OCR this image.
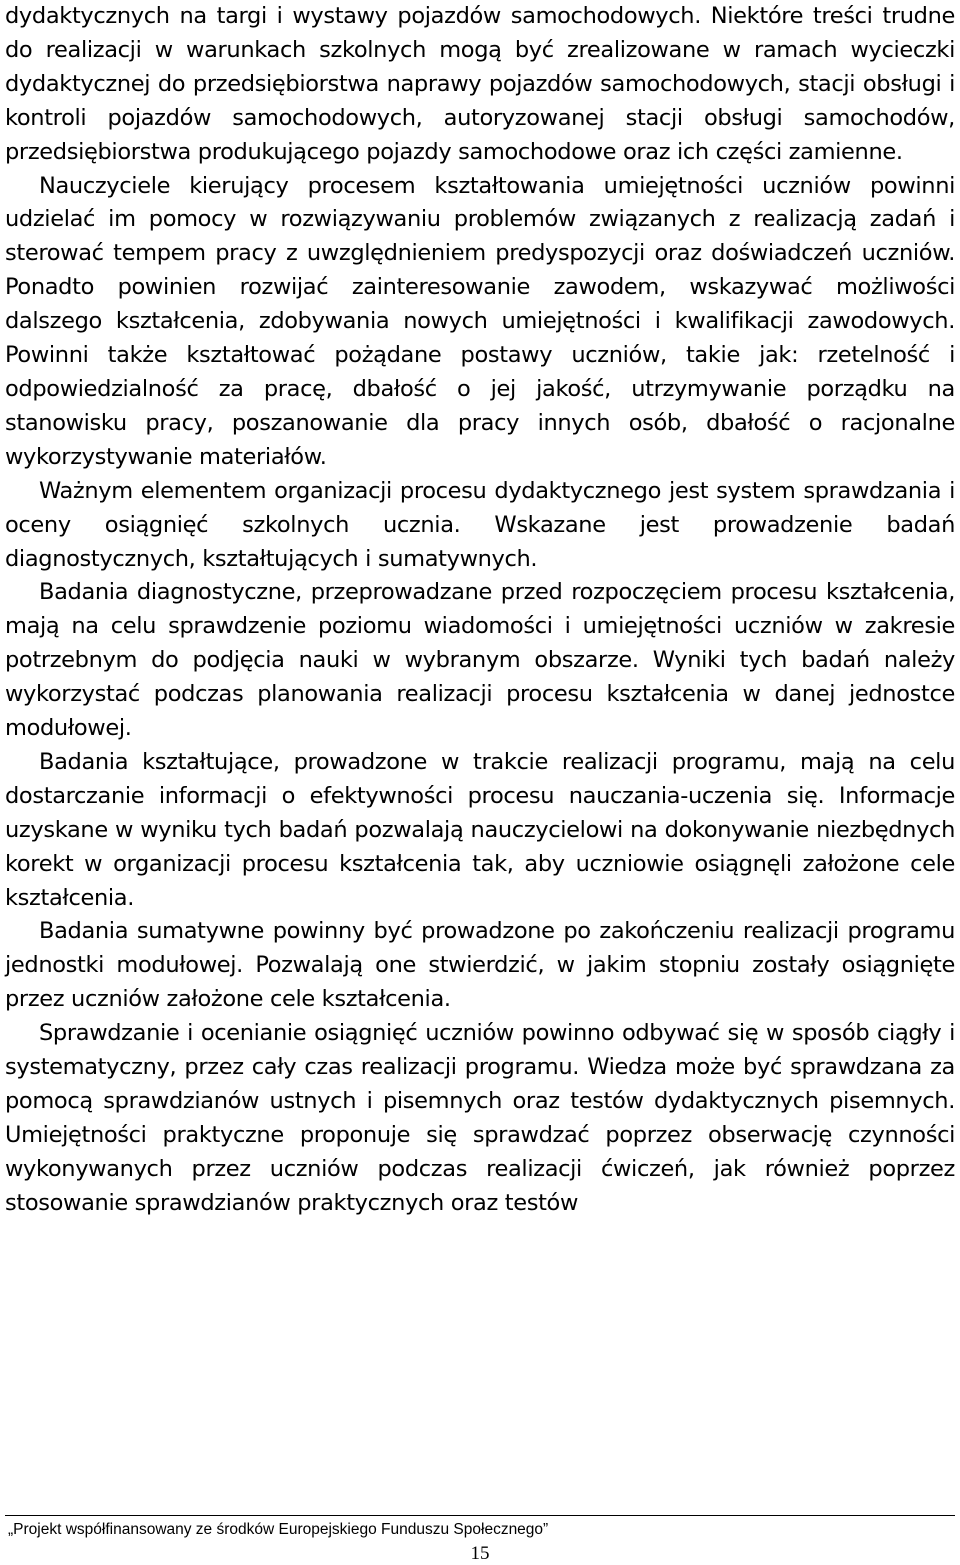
dydaktycznych na targi i wystawy pojazdów samochodowych. Niektóre treści trudne do realizacji w warunkach szkolnych mogą być zrealizowane w ramach wycieczki dydaktycznej do przedsiębiorstwa naprawy pojazdów samochodowych, stacji obsługi i kontroli pojazdów samochodowych, autoryzowanej stacji obsługi samochodów, przedsiębiorstwa produkującego pojazdy samochodowe oraz ich części zamienne.

Nauczyciele kierujący procesem kształtowania umiejętności uczniów powinni udzielać im pomocy w rozwiązywaniu problemów związanych z realizacją zadań i sterować tempem pracy z uwzględnieniem predyspozycji oraz doświadczeń uczniów. Ponadto powinien rozwijać zainteresowanie zawodem, wskazywać możliwości dalszego kształcenia, zdobywania nowych umiejętności i kwalifikacji zawodowych. Powinni także kształtować pożądane postawy uczniów, takie jak: rzetelność i odpowiedzialność za pracę, dbałość o jej jakość, utrzymywanie porządku na stanowisku pracy, poszanowanie dla pracy innych osób, dbałość o racjonalne wykorzystywanie materiałów.

Ważnym elementem organizacji procesu dydaktycznego jest system sprawdzania i oceny osiągnięć szkolnych ucznia. Wskazane jest prowadzenie badań diagnostycznych, kształtujących i sumatywnych.

Badania diagnostyczne, przeprowadzane przed rozpoczęciem procesu kształcenia, mają na celu sprawdzenie poziomu wiadomości i umiejętności uczniów w zakresie potrzebnym do podjęcia nauki w wybranym obszarze. Wyniki tych badań należy wykorzystać podczas planowania realizacji procesu kształcenia w danej jednostce modułowej.

Badania kształtujące, prowadzone w trakcie realizacji programu, mają na celu dostarczanie informacji o efektywności procesu nauczania-uczenia się. Informacje uzyskane w wyniku tych badań pozwalają nauczycielowi na dokonywanie niezbędnych korekt w organizacji procesu kształcenia tak, aby uczniowie osiągnęli założone cele kształcenia.

Badania sumatywne powinny być prowadzone po zakończeniu realizacji programu jednostki modułowej. Pozwalają one stwierdzić, w jakim stopniu zostały osiągnięte przez uczniów założone cele kształcenia.

Sprawdzanie i ocenianie osiągnięć uczniów powinno odbywać się w sposób ciągły i systematyczny, przez cały czas realizacji programu. Wiedza może być sprawdzana za pomocą sprawdzianów ustnych i pisemnych oraz testów dydaktycznych pisemnych. Umiejętności praktyczne proponuje się sprawdzać poprzez obserwację czynności wykonywanych przez uczniów podczas realizacji ćwiczeń, jak również poprzez stosowanie sprawdzianów praktycznych oraz testów

„Projekt współfinansowany ze środków Europejskiego Funduszu Społecznego”
15
